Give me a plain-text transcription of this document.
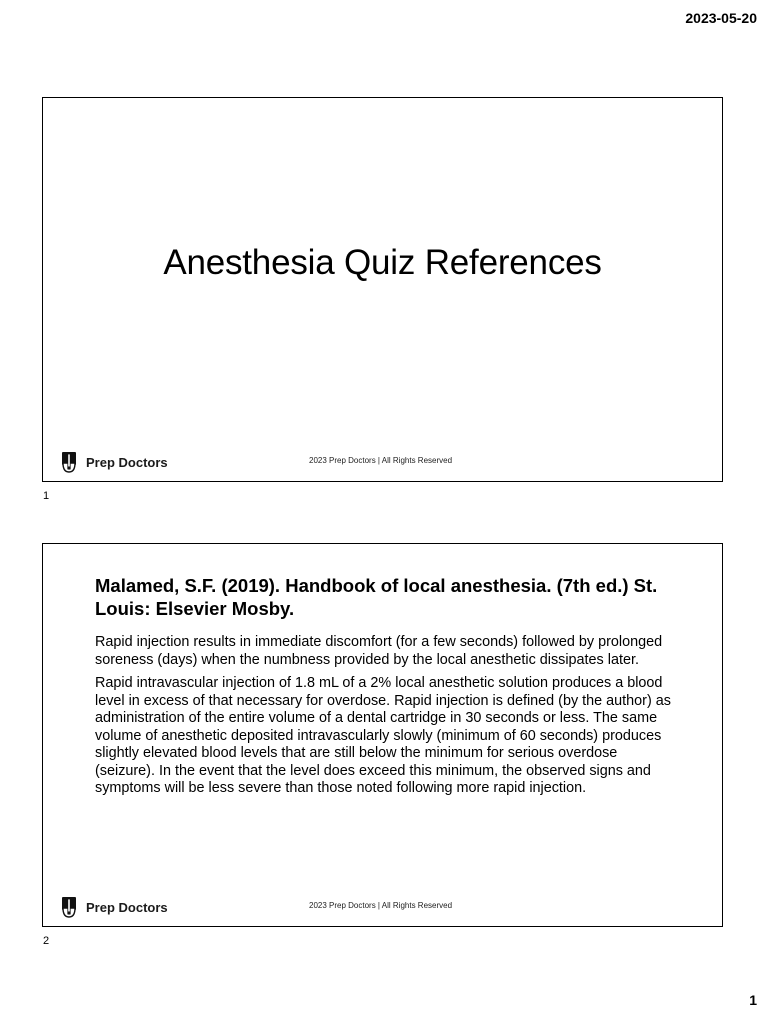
2023-05-20
Anesthesia Quiz References
Prep Doctors	2023 Prep Doctors | All Rights Reserved
1
Malamed, S.F. (2019). Handbook of local anesthesia. (7th ed.) St. Louis: Elsevier Mosby.

Rapid injection results in immediate discomfort (for a few seconds) followed by prolonged soreness (days) when the numbness provided by the local anesthetic dissipates later.

Rapid intravascular injection of 1.8 mL of a 2% local anesthetic solution produces a blood level in excess of that necessary for overdose. Rapid injection is defined (by the author) as administration of the entire volume of a dental cartridge in 30 seconds or less. The same volume of anesthetic deposited intravascularly slowly (minimum of 60 seconds) produces slightly elevated blood levels that are still below the minimum for serious overdose (seizure). In the event that the level does exceed this minimum, the observed signs and symptoms will be less severe than those noted following more rapid injection.

Prep Doctors	2023 Prep Doctors | All Rights Reserved
2
1
